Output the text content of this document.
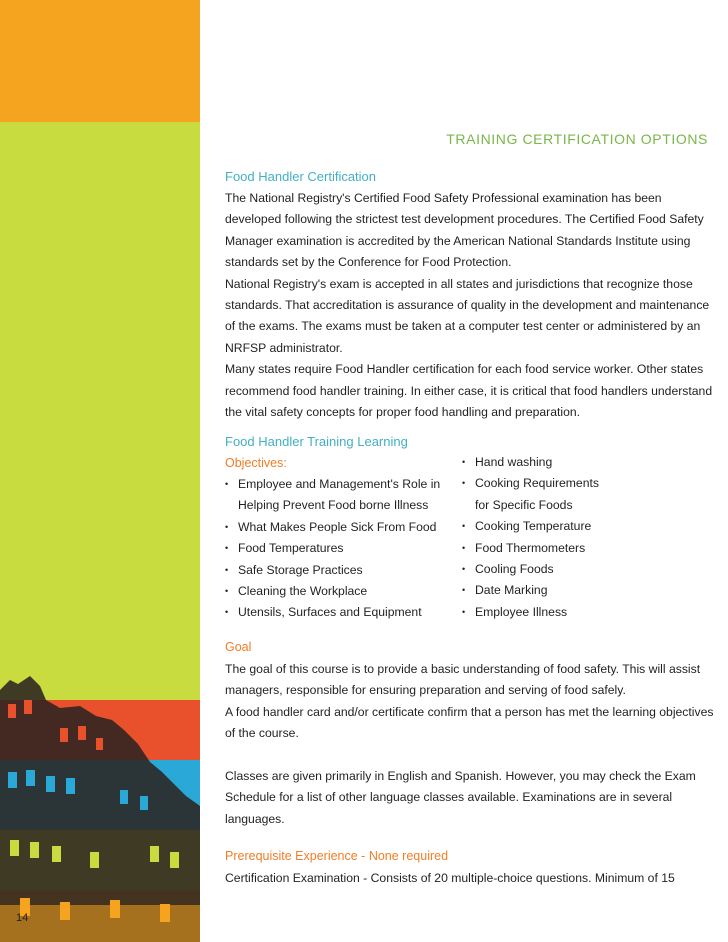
14
TRAINING CERTIFICATION OPTIONS
Food Handler Certification

The National Registry's Certified Food Safety Professional examination has been developed following the strictest test development procedures. The Certified Food Safety Manager examination is accredited by the American National Standards Institute using standards set by the Conference for Food Protection.

National Registry's exam is accepted in all states and jurisdictions that recognize those standards. That accreditation is assurance of quality in the development and maintenance of the exams. The exams must be taken at a computer test center or administered by an NRFSP administrator.

Many states require Food Handler certification for each food service worker. Other states recommend food handler training. In either case, it is critical that food handlers understand the vital safety concepts for proper food handling and preparation.

Food Handler Training Learning
Objectives:
• Employee and Management's Role in Helping Prevent Food borne Illness
• What Makes People Sick From Food
• Food Temperatures
• Safe Storage Practices
• Cleaning the Workplace
• Utensils, Surfaces and Equipment
• Hand washing
• Cooking Requirements for Specific Foods
• Cooking Temperature
• Food Thermometers
• Cooling Foods
• Date Marking
• Employee Illness
Goal

The goal of this course is to provide a basic understanding of food safety. This will assist managers, responsible for ensuring preparation and serving of food safely.

A food handler card and/or certificate confirm that a person has met the learning objectives of the course.

Classes are given primarily in English and Spanish. However, you may check the Exam Schedule for a list of other language classes available. Examinations are in several languages.
Prerequisite Experience - None required
Certification Examination - Consists of 20 multiple-choice questions. Minimum of 15
